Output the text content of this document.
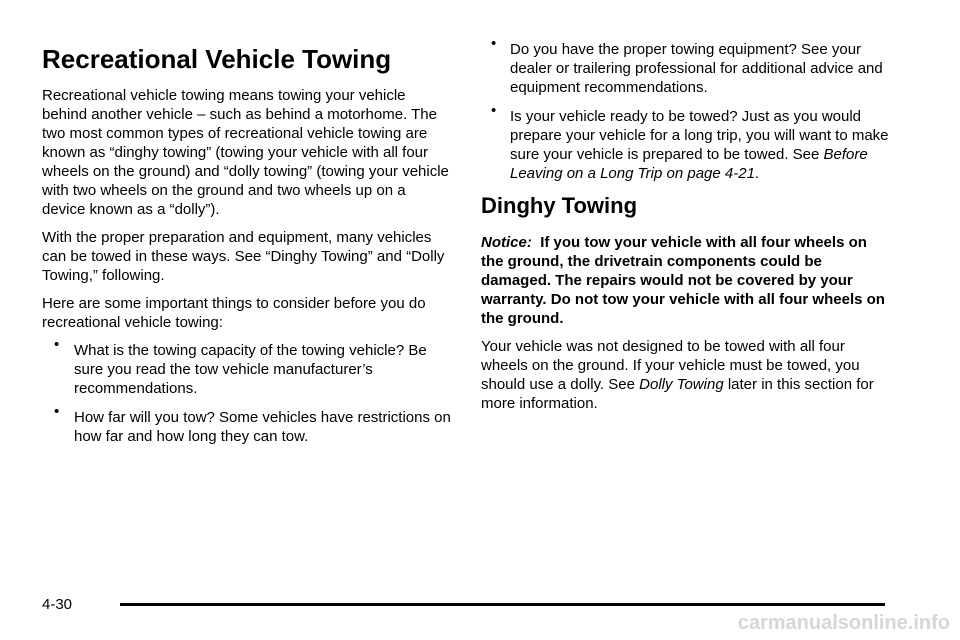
Recreational Vehicle Towing

Recreational vehicle towing means towing your vehicle behind another vehicle – such as behind a motorhome. The two most common types of recreational vehicle towing are known as “dinghy towing” (towing your vehicle with all four wheels on the ground) and “dolly towing” (towing your vehicle with two wheels on the ground and two wheels up on a device known as a “dolly”).

With the proper preparation and equipment, many vehicles can be towed in these ways. See “Dinghy Towing” and “Dolly Towing,” following.

Here are some important things to consider before you do recreational vehicle towing:

• What is the towing capacity of the towing vehicle? Be sure you read the tow vehicle manufacturer’s recommendations.
• How far will you tow? Some vehicles have restrictions on how far and how long they can tow.
• Do you have the proper towing equipment? See your dealer or trailering professional for additional advice and equipment recommendations.
• Is your vehicle ready to be towed? Just as you would prepare your vehicle for a long trip, you will want to make sure your vehicle is prepared to be towed. See Before Leaving on a Long Trip on page 4-21.
Dinghy Towing

Notice: If you tow your vehicle with all four wheels on the ground, the drivetrain components could be damaged. The repairs would not be covered by your warranty. Do not tow your vehicle with all four wheels on the ground.

Your vehicle was not designed to be towed with all four wheels on the ground. If your vehicle must be towed, you should use a dolly. See Dolly Towing later in this section for more information.

4-30
carmanualsonline.info
